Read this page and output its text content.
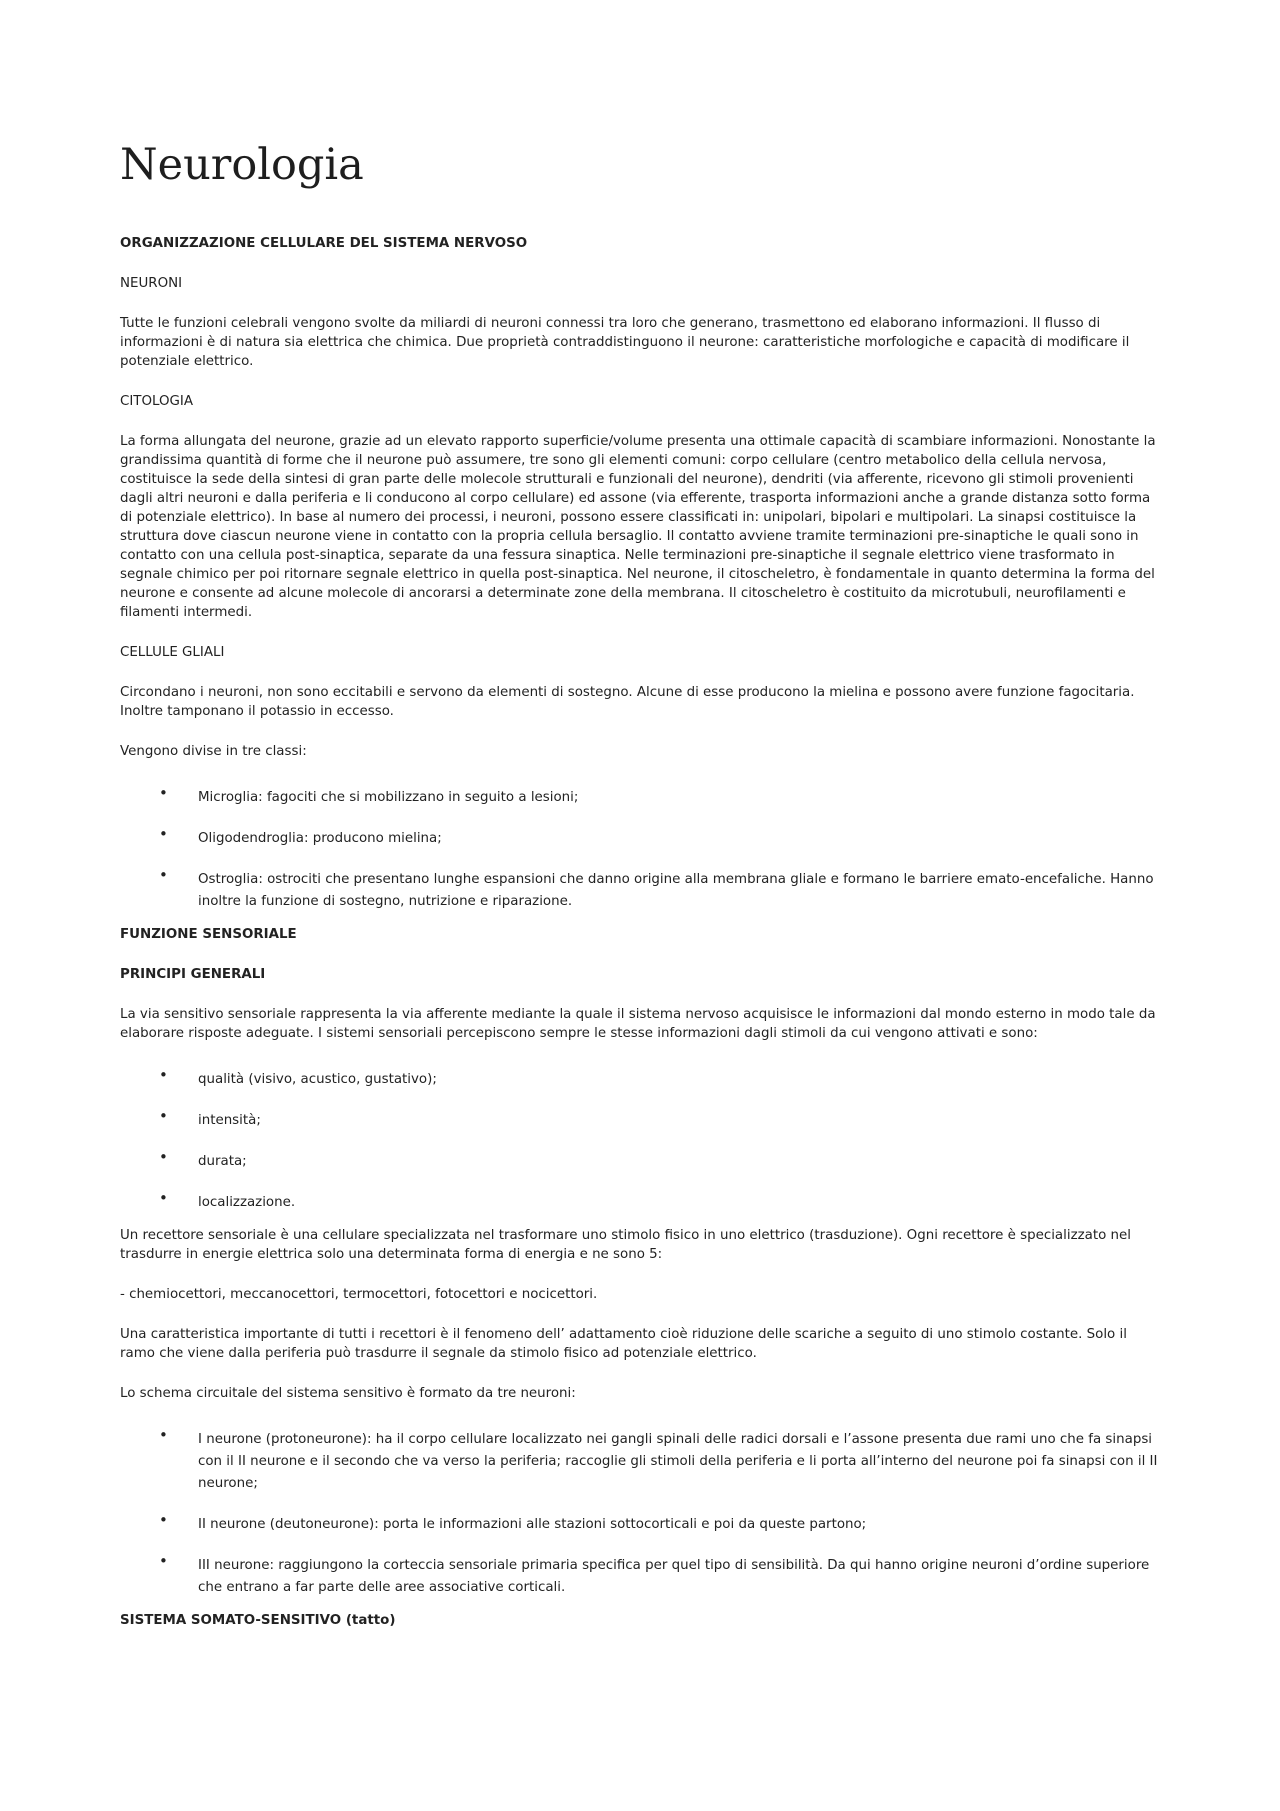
Neurologia
ORGANIZZAZIONE CELLULARE DEL SISTEMA NERVOSO
NEURONI

Tutte le funzioni celebrali vengono svolte da miliardi di neuroni connessi tra loro che generano, trasmettono ed elaborano informazioni. Il flusso di informazioni è di natura sia elettrica che chimica. Due proprietà contraddistinguono il neurone: caratteristiche morfologiche e capacità di modificare il potenziale elettrico.

CITOLOGIA

La forma allungata del neurone, grazie ad un elevato rapporto superficie/volume presenta una ottimale capacità di scambiare informazioni. Nonostante la grandissima quantità di forme che il neurone può assumere, tre sono gli elementi comuni: corpo cellulare (centro metabolico della cellula nervosa, costituisce la sede della sintesi di gran parte delle molecole strutturali e funzionali del neurone), dendriti (via afferente, ricevono gli stimoli provenienti dagli altri neuroni e dalla periferia e li conducono al corpo cellulare) ed assone (via efferente, trasporta informazioni anche a grande distanza sotto forma di potenziale elettrico). In base al numero dei processi, i neuroni, possono essere classificati in: unipolari, bipolari e multipolari. La sinapsi costituisce la struttura dove ciascun neurone viene in contatto con la propria cellula bersaglio. Il contatto avviene tramite terminazioni pre-sinaptiche le quali sono in contatto con una cellula post-sinaptica, separate da una fessura sinaptica. Nelle terminazioni pre-sinaptiche il segnale elettrico viene trasformato in segnale chimico per poi ritornare segnale elettrico in quella post-sinaptica. Nel neurone, il citoscheletro, è fondamentale in quanto determina la forma del neurone e consente ad alcune molecole di ancorarsi a determinate zone della membrana. Il citoscheletro è costituito da microtubuli, neurofilamenti e filamenti intermedi.

CELLULE GLIALI

Circondano i neuroni, non sono eccitabili e servono da elementi di sostegno. Alcune di esse producono la mielina e possono avere funzione fagocitaria. Inoltre tamponano il potassio in eccesso.

Vengono divise in tre classi:

• Microglia: fagociti che si mobilizzano in seguito a lesioni;
• Oligodendroglia: producono mielina;
• Ostroglia: ostrociti che presentano lunghe espansioni che danno origine alla membrana gliale e formano le barriere emato-encefaliche. Hanno inoltre la funzione di sostegno, nutrizione e riparazione.
FUNZIONE SENSORIALE
PRINCIPI GENERALI

La via sensitivo sensoriale rappresenta la via afferente mediante la quale il sistema nervoso acquisisce le informazioni dal mondo esterno in modo tale da elaborare risposte adeguate. I sistemi sensoriali percepiscono sempre le stesse informazioni dagli stimoli da cui vengono attivati e sono:

• qualità (visivo, acustico, gustativo);
• intensità;
• durata;
• localizzazione.

Un recettore sensoriale è una cellulare specializzata nel trasformare uno stimolo fisico in uno elettrico (trasduzione). Ogni recettore è specializzato nel trasdurre in energie elettrica solo una determinata forma di energia e ne sono 5:

- chemiocettori, meccanocettori, termocettori, fotocettori e nocicettori.

Una caratteristica importante di tutti i recettori è il fenomeno dell’ adattamento cioè riduzione delle scariche a seguito di uno stimolo costante. Solo il ramo che viene dalla periferia può trasdurre il segnale da stimolo fisico ad potenziale elettrico.

Lo schema circuitale del sistema sensitivo è formato da tre neuroni:

• I neurone (protoneurone): ha il corpo cellulare localizzato nei gangli spinali delle radici dorsali e l’assone presenta due rami uno che fa sinapsi con il II neurone e il secondo che va verso la periferia; raccoglie gli stimoli della periferia e li porta all’interno del neurone poi fa sinapsi con il II neurone;
• II neurone (deutoneurone): porta le informazioni alle stazioni sottocorticali e poi da queste partono;
• III neurone: raggiungono la corteccia sensoriale primaria specifica per quel tipo di sensibilità. Da qui hanno origine neuroni d’ordine superiore che entrano a far parte delle aree associative corticali.
SISTEMA SOMATO-SENSITIVO (tatto)
